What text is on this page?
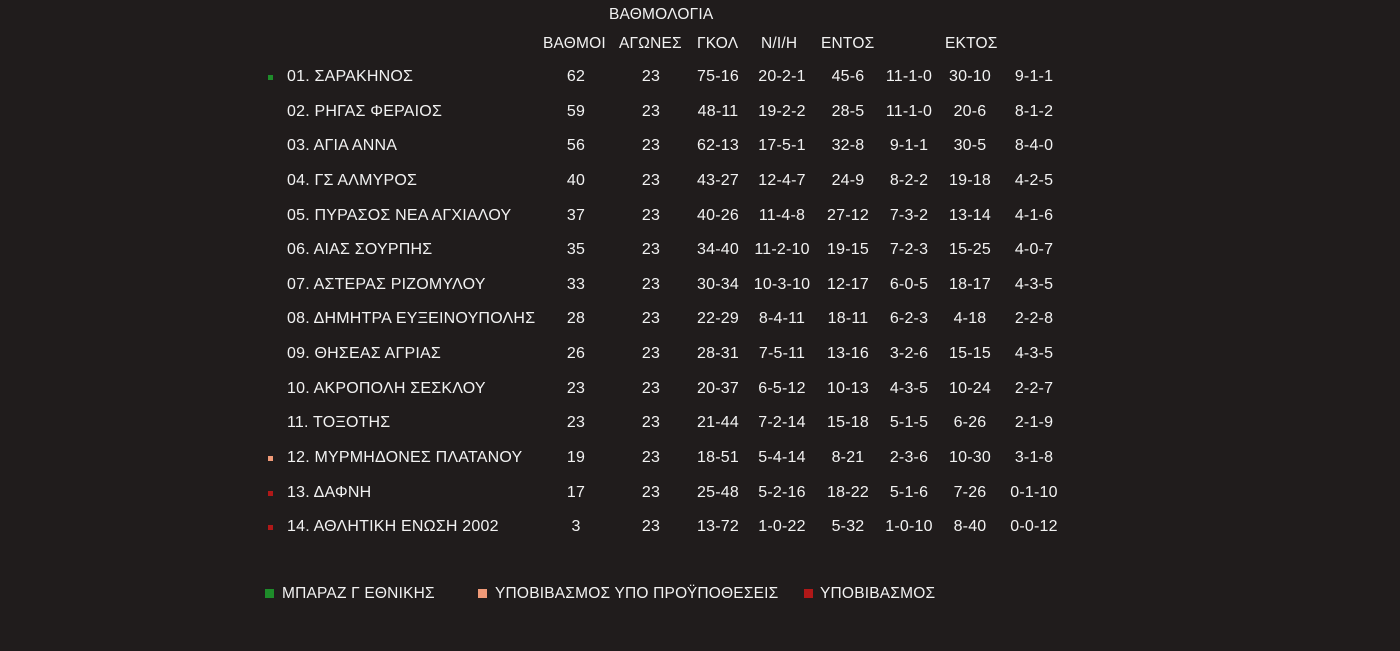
ΒΑΘΜΟΛΟΓΙΑ
ΒΑΘΜΟΙ ΑΓΩΝΕΣ ΓΚΟΛ Ν/Ι/Η ΕΝΤΟΣ	ΕΚΤΟΣ
01. ΣΑΡΑΚΗΝΟΣ	62	23 75-16 20-2-1 45-6 11-1-0 30-10 9-1-1
02. ΡΗΓΑΣ ΦΕΡΑΙΟΣ	59	23 48-11 19-2-2 28-5 11-1-0 20-6 8-1-2
03. ΑΓΙΑ ΑΝΝΑ	56	23 62-13 17-5-1 32-8 9-1-1 30-5 8-4-0
04. ΓΣ ΑΛΜΥΡΟΣ	40	23 43-27 12-4-7 24-9 8-2-2 19-18 4-2-5
05. ΠΥΡΑΣΟΣ ΝΕΑ ΑΓΧΙΑΛΟΥ	37	23 40-26 11-4-8 27-12 7-3-2 13-14 4-1-6
06. ΑΙΑΣ ΣΟΥΡΠΗΣ	35	23 34-40 11-2-10 19-15 7-2-3 15-25 4-0-7
07. ΑΣΤΕΡΑΣ ΡΙΖΟΜΥΛΟΥ	33	23 30-34 10-3-10 12-17 6-0-5 18-17 4-3-5
08. ΔΗΜΗΤΡΑ ΕΥΞΕΙΝΟΥΠΟΛΗΣ 28	23 22-29 8-4-11 18-11 6-2-3 4-18 2-2-8
09. ΘΗΣΕΑΣ ΑΓΡΙΑΣ	26	23 28-31 7-5-11 13-16 3-2-6 15-15 4-3-5
10. ΑΚΡΟΠΟΛΗ ΣΕΣΚΛΟΥ	23	23 20-37 6-5-12 10-13 4-3-5 10-24 2-2-7
11. ΤΟΞΟΤΗΣ	23	23 21-44 7-2-14 15-18 5-1-5 6-26 2-1-9
12. ΜΥΡΜΗΔΟΝΕΣ ΠΛΑΤΑΝΟΥ	19	23 18-51 5-4-14 8-21 2-3-6 10-30 3-1-8
13. ΔΑΦΝΗ	17	23 25-48 5-2-16 18-22 5-1-6 7-26 0-1-10
14. ΑΘΛΗΤΙΚΗ ΕΝΩΣΗ 2002	3	23 13-72 1-0-22 5-32 1-0-10 8-40 0-0-12
ΜΠΑΡΑΖ Γ ΕΘΝΙΚΗΣ	ΥΠΟΒΙΒΑΣΜΟΣ ΥΠΟ ΠΡΟΫΠΟΘΕΣΕΙΣ	ΥΠΟΒΙΒΑΣΜΟΣ
